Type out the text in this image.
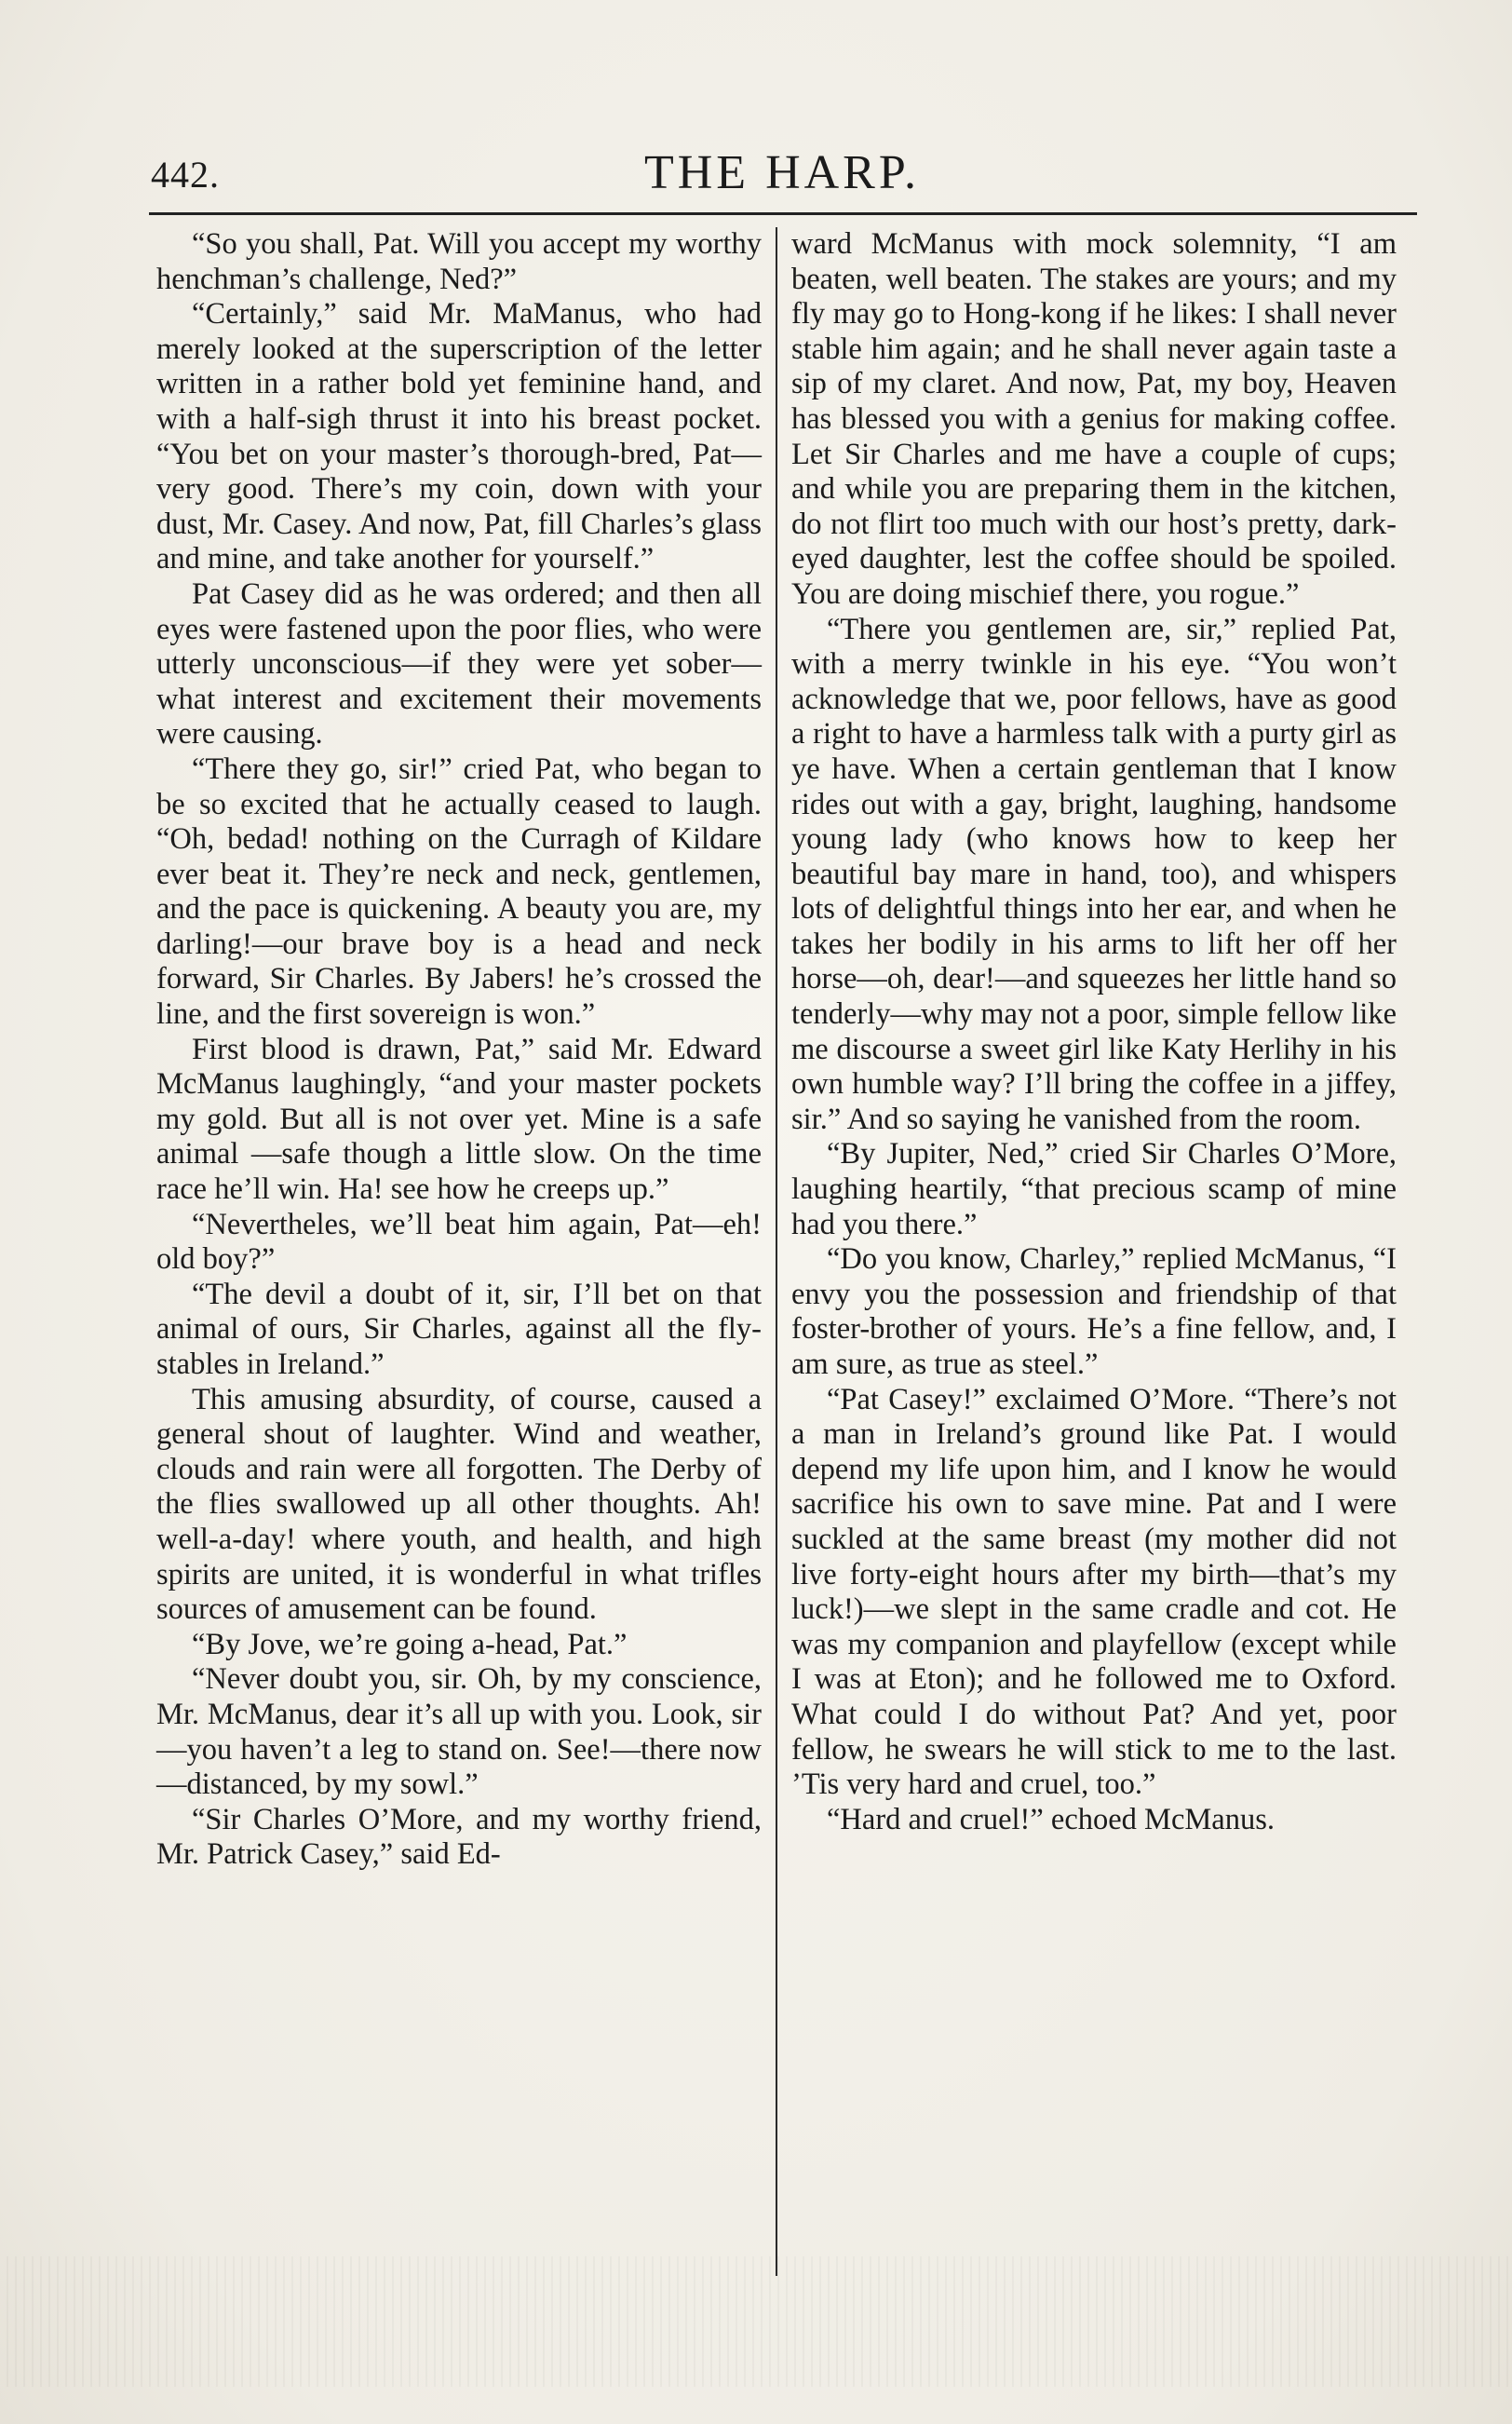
442.	THE HARP.

“So you shall, Pat. Will you accept my worthy henchman’s challenge, Ned?”

“Certainly,” said Mr. MaManus, who had merely looked at the superscription of the letter written in a rather bold yet feminine hand, and with a half-sigh thrust it into his breast pocket. “You bet on your master’s thorough-bred, Pat—very good. There’s my coin, down with your dust, Mr. Casey. And now, Pat, fill Charles’s glass and mine, and take another for yourself.”

Pat Casey did as he was ordered; and then all eyes were fastened upon the poor flies, who were utterly unconscious—if they were yet sober—what interest and excitement their movements were causing.

“There they go, sir!” cried Pat, who began to be so excited that he actually ceased to laugh. “Oh, bedad! nothing on the Curragh of Kildare ever beat it. They’re neck and neck, gentlemen, and the pace is quickening. A beauty you are, my darling!—our brave boy is a head and neck forward, Sir Charles. By Jabers! he’s crossed the line, and the first sovereign is won.”

First blood is drawn, Pat,” said Mr. Edward McManus laughingly, “and your master pockets my gold. But all is not over yet. Mine is a safe animal —safe though a little slow. On the time race he’ll win. Ha! see how he creeps up.”

“Nevertheles, we’ll beat him again, Pat—eh! old boy?”

“The devil a doubt of it, sir, I’ll bet on that animal of ours, Sir Charles, against all the fly-stables in Ireland.”

This amusing absurdity, of course, caused a general shout of laughter. Wind and weather, clouds and rain were all forgotten. The Derby of the flies swallowed up all other thoughts. Ah! well-a-day! where youth, and health, and high spirits are united, it is wonderful in what trifles sources of amusement can be found.

“By Jove, we’re going a-head, Pat.”

“Never doubt you, sir. Oh, by my conscience, Mr. McManus, dear it’s all up with you. Look, sir—you haven’t a leg to stand on. See!—there now—distanced, by my sowl.”

“Sir Charles O’More, and my worthy friend, Mr. Patrick Casey,” said Ed-

ward McManus with mock solemnity, “I am beaten, well beaten. The stakes are yours; and my fly may go to Hong-kong if he likes: I shall never stable him again; and he shall never again taste a sip of my claret. And now, Pat, my boy, Heaven has blessed you with a genius for making coffee. Let Sir Charles and me have a couple of cups; and while you are preparing them in the kitchen, do not flirt too much with our host’s pretty, dark-eyed daughter, lest the coffee should be spoiled. You are doing mischief there, you rogue.”

“There you gentlemen are, sir,” replied Pat, with a merry twinkle in his eye. “You won’t acknowledge that we, poor fellows, have as good a right to have a harmless talk with a purty girl as ye have. When a certain gentleman that I know rides out with a gay, bright, laughing, handsome young lady (who knows how to keep her beautiful bay mare in hand, too), and whispers lots of delightful things into her ear, and when he takes her bodily in his arms to lift her off her horse—oh, dear!—and squeezes her little hand so tenderly—why may not a poor, simple fellow like me discourse a sweet girl like Katy Herlihy in his own humble way? I’ll bring the coffee in a jiffey, sir.” And so saying he vanished from the room.

“By Jupiter, Ned,” cried Sir Charles O’More, laughing heartily, “that precious scamp of mine had you there.”

“Do you know, Charley,” replied McManus, “I envy you the possession and friendship of that foster-brother of yours. He’s a fine fellow, and, I am sure, as true as steel.”

“Pat Casey!” exclaimed O’More. “There’s not a man in Ireland’s ground like Pat. I would depend my life upon him, and I know he would sacrifice his own to save mine. Pat and I were suckled at the same breast (my mother did not live forty-eight hours after my birth—that’s my luck!)—we slept in the same cradle and cot. He was my companion and playfellow (except while I was at Eton); and he followed me to Oxford. What could I do without Pat? And yet, poor fellow, he swears he will stick to me to the last. ’Tis very hard and cruel, too.”

“Hard and cruel!” echoed McManus.
